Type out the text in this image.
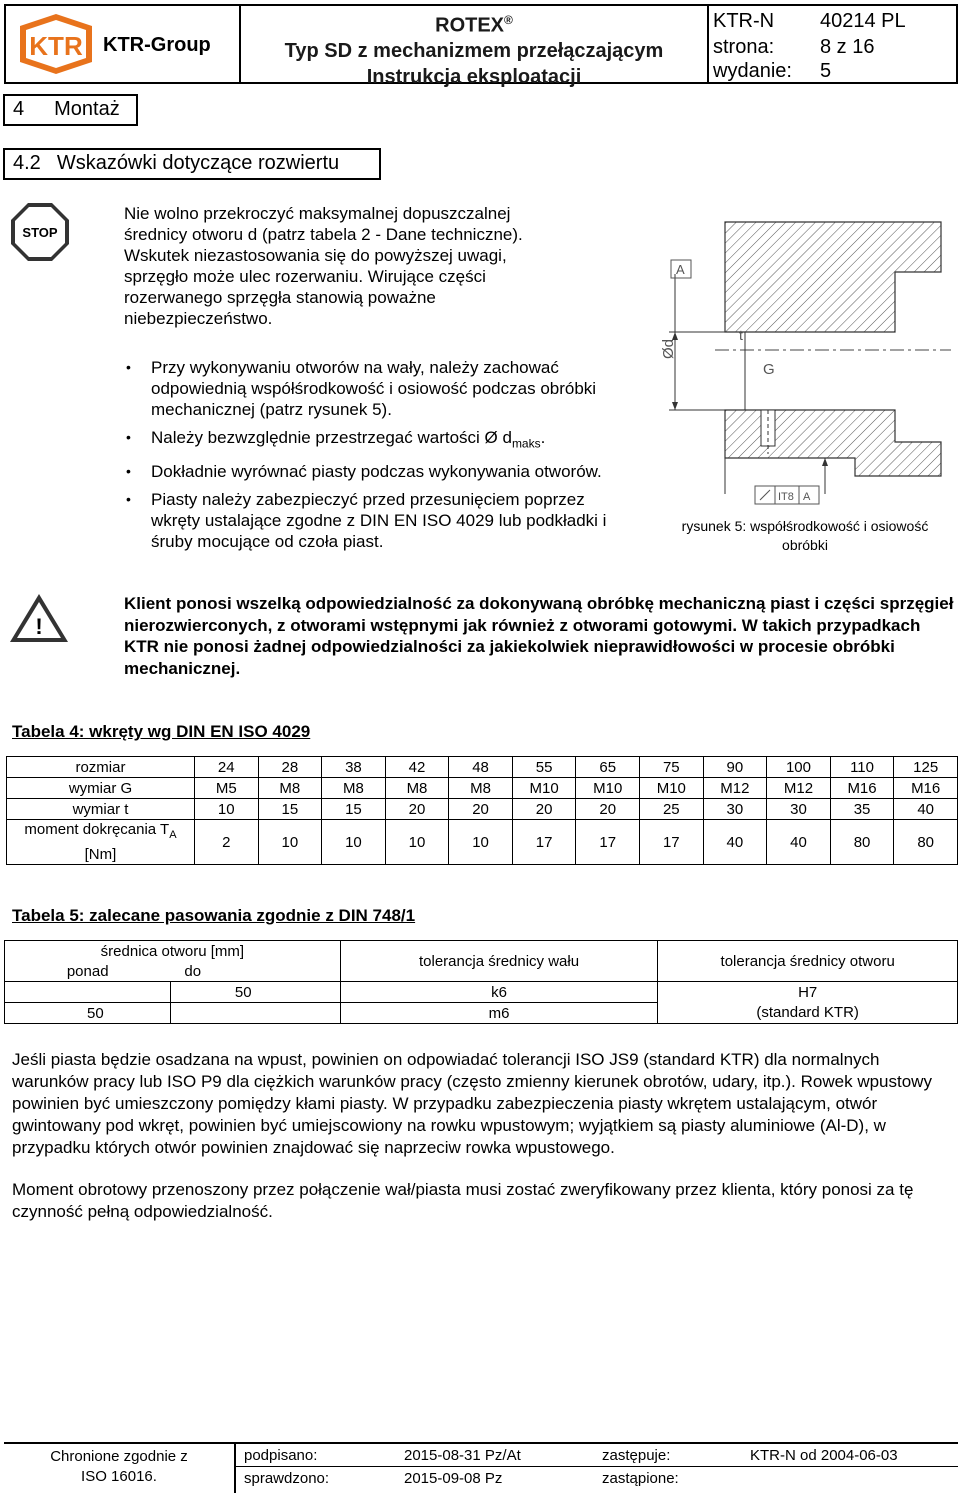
KTR KTR-Group
ROTEX®
Typ SD z mechanizmem przełączającym
Instrukcja eksploatacji
KTR-N 40214 PL
strona: 8 z 16
wydanie: 5
4 Montaż
4.2 Wskazówki dotyczące rozwiertu
STOP
Nie wolno przekroczyć maksymalnej dopuszczalnej
średnicy otworu d (patrz tabela 2 - Dane techniczne).
Wskutek niezastosowania się do powyższej uwagi,
sprzęgło może ulec rozerwaniu. Wirujące części
rozerwanego sprzęgła stanowią poważne
niebezpieczeństwo.
• Przy wykonywaniu otworów na wały, należy zachować odpowiednią współśrodkowość i osiowość podczas obróbki mechanicznej (patrz rysunek 5).
• Należy bezwzględnie przestrzegać wartości Ø $d_{maks}$.
• Dokładnie wyrównać piasty podczas wykonywania otworów.
• Piasty należy zabezpieczyć przed przesunięciem poprzez wkręty ustalające zgodne z DIN EN ISO 4029 lub podkładki i śruby mocujące od czoła piast.
Ød
A
t
G
IT8 A
rysunek 5: współśrodkowość i osiowość
obróbki
!
Klient ponosi wszelką odpowiedzialność za dokonywaną obróbkę mechaniczną piast i części sprzęgieł nierozwierconych, z otworami wstępnymi jak również z otworami gotowymi. W takich przypadkach KTR nie ponosi żadnej odpowiedzialności za jakiekolwiek nieprawidłowości w procesie obróbki mechanicznej.
Tabela 4: wkręty wg DIN EN ISO 4029
rozmiar	24	28	38	42	48	55	65	75	90	100	110	125
wymiar G	M5	M8	M8	M8	M8	M10	M10	M10	M12	M12	M16	M16
wymiar t	10	15	15	20	20	20	20	25	30	30	35	40
moment dokręcania $T_A$
[Nm]	2	10	10	10	10	17	17	17	40	40	80	80
Tabela 5: zalecane pasowania zgodnie z DIN 748/1
średnica otworu [mm]		tolerancja średnicy wału	tolerancja średnicy otworu
ponad	do		
	50	k6	H7
(standard KTR)
50		m6	
Jeśli piasta będzie osadzana na wpust, powinien on odpowiadać tolerancji ISO JS9 (standard KTR) dla normalnych warunków pracy lub ISO P9 dla ciężkich warunków pracy (często zmienny kierunek obrotów, udary, itp.). Rowek wpustowy powinien być umieszczony pomiędzy kłami piasty. W przypadku zabezpieczenia piasty wkrętem ustalającym, otwór gwintowany pod wkręt, powinien być umiejscowiony na rowku wpustowym; wyjątkiem są piasty aluminiowe (Al-D), w przypadku których otwór powinien znajdować się naprzeciw rowka wpustowego.
Moment obrotowy przenoszony przez połączenie wał/piasta musi zostać zweryfikowany przez klienta, który ponosi za tę czynność pełną odpowiedzialność.
Chronione zgodnie z
ISO 16016.
podpisano:	2015-08-31 Pz/At	zastępuje:	KTR-N od 2004-06-03
sprawdzono:	2015-09-08 Pz	zastąpione:
